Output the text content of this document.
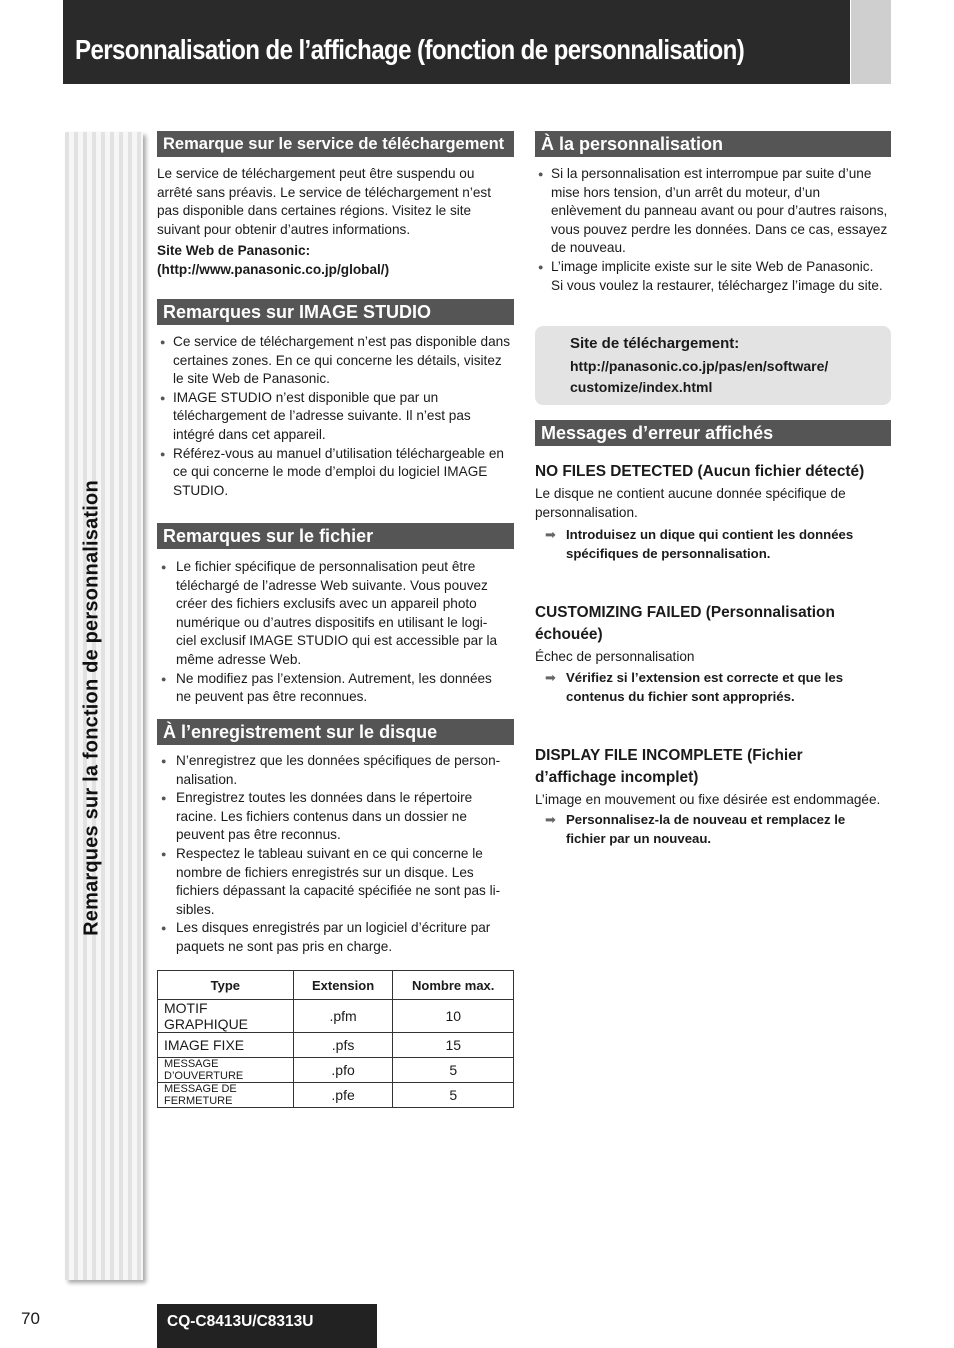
Personnalisation de l’affichage (fonction de personnalisation)
Remarques sur la fonction de personnalisation
Remarque sur le service de téléchargement

Le service de téléchargement peut être suspendu ou arrêté sans préavis. Le service de téléchargement n’est pas disponible dans certaines régions. Visitez le site suivant pour obtenir d’autres informations.

Site Web de Panasonic:

(http://www.panasonic.co.jp/global/)

Remarques sur IMAGE STUDIO
● Ce service de téléchargement n’est pas disponible dans certaines zones. En ce qui concerne les détails, visitez le site Web de Panasonic.
● IMAGE STUDIO n’est disponible que par un téléchargement de l’adresse suivante. Il n’est pas intégré dans cet appareil.
● Référez-vous au manuel d’utilisation téléchargeable en ce qui concerne le mode d’emploi du logiciel IMAGE STUDIO.
Remarques sur le fichier
● Le fichier spécifique de personnalisation peut être téléchargé de l’adresse Web suivante. Vous pouvez créer des fichiers exclusifs avec un appareil photo numérique ou d’autres dispositifs en utilisant le logi-ciel exclusif IMAGE STUDIO qui est accessible par la même adresse Web.
● Ne modifiez pas l’extension. Autrement, les données ne peuvent pas être reconnues.
À l’enregistrement sur le disque
● N’enregistrez que les données spécifiques de person-nalisation.
● Enregistrez toutes les données dans le répertoire racine. Les fichiers contenus dans un dossier ne peuvent pas être reconnus.
● Respectez le tableau suivant en ce qui concerne le nombre de fichiers enregistrés sur un disque. Les fichiers dépassant la capacité spécifiée ne sont pas li-sibles.
● Les disques enregistrés par un logiciel d’écriture par paquets ne sont pas pris en charge.
Type	Extension	Nombre max.
MOTIF GRAPHIQUE	.pfm	10
IMAGE FIXE	.pfs	15
MESSAGE D’OUVERTURE	.pfo	5
MESSAGE DE FERMETURE	.pfe	5
À la personnalisation
● Si la personnalisation est interrompue par suite d’une mise hors tension, d’un arrêt du moteur, d’un enlèvement du panneau avant ou pour d’autres raisons, vous pouvez perdre les données. Dans ce cas, essayez de nouveau.
● L’image implicite existe sur le site Web de Panasonic. Si vous voulez la restaurer, téléchargez l’image du site.
Site de téléchargement:
http://panasonic.co.jp/pas/en/software/ customize/index.html
Messages d’erreur affichés
NO FILES DETECTED (Aucun fichier détecté)
Le disque ne contient aucune donnée spécifique de personnalisation.
➡ Introduisez un dique qui contient les données spécifiques de personnalisation.
CUSTOMIZING FAILED (Personnalisation échouée)
Échec de personnalisation
➡ Vérifiez si l’extension est correcte et que les contenus du fichier sont appropriés.
DISPLAY FILE INCOMPLETE (Fichier d’affichage incomplet)
L’image en mouvement ou fixe désirée est endommagée.
➡ Personnalisez-la de nouveau et remplacez le fichier par un nouveau.
70	CQ-C8413U/C8313U
